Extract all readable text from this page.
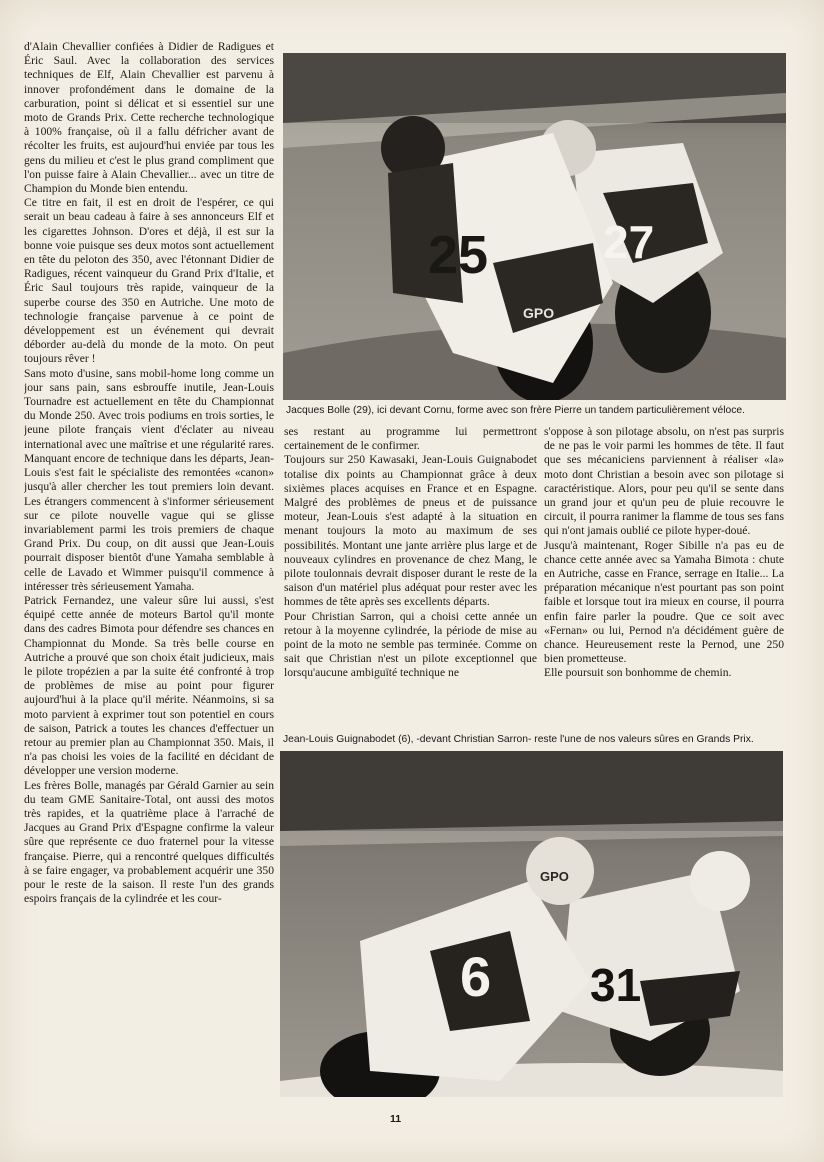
d'Alain Chevallier confiées à Didier de Radigues et Éric Saul. Avec la collaboration des services techniques de Elf, Alain Chevallier est parvenu à innover profondément dans le domaine de la carburation, point si délicat et si essentiel sur une moto de Grands Prix. Cette recherche technologique à 100% française, où il a fallu défricher avant de récolter les fruits, est aujourd'hui enviée par tous les gens du milieu et c'est le plus grand compliment que l'on puisse faire à Alain Chevallier... avec un titre de Champion du Monde bien entendu.

Ce titre en fait, il est en droit de l'espérer, ce qui serait un beau cadeau à faire à ses annonceurs Elf et les cigarettes Johnson. D'ores et déjà, il est sur la bonne voie puisque ses deux motos sont actuellement en tête du peloton des 350, avec l'étonnant Didier de Radigues, récent vainqueur du Grand Prix d'Italie, et Éric Saul toujours très rapide, vainqueur de la superbe course des 350 en Autriche. Une moto de technologie française parvenue à ce point de développement est un événement qui devrait déborder au-delà du monde de la moto. On peut toujours rêver !

Sans moto d'usine, sans mobil-home long comme un jour sans pain, sans esbrouffe inutile, Jean-Louis Tournadre est actuellement en tête du Championnat du Monde 250. Avec trois podiums en trois sorties, le jeune pilote français vient d'éclater au niveau international avec une maîtrise et une régularité rares. Manquant encore de technique dans les départs, Jean-Louis s'est fait le spécialiste des remontées «canon» jusqu'à aller chercher les tout premiers loin devant. Les étrangers commencent à s'informer sérieusement sur ce pilote nouvelle vague qui se glisse invariablement parmi les trois premiers de chaque Grand Prix. Du coup, on dit aussi que Jean-Louis pourrait disposer bientôt d'une Yamaha semblable à celle de Lavado et Wimmer puisqu'il commence à intéresser très sérieusement Yamaha.

Patrick Fernandez, une valeur sûre lui aussi, s'est équipé cette année de moteurs Bartol qu'il monte dans des cadres Bimota pour défendre ses chances en Championnat du Monde. Sa très belle course en Autriche a prouvé que son choix était judicieux, mais le pilote tropézien a par la suite été confronté à trop de problèmes de mise au point pour figurer aujourd'hui à la place qu'il mérite. Néanmoins, si sa moto parvient à exprimer tout son potentiel en cours de saison, Patrick a toutes les chances d'effectuer un retour au premier plan au Championnat 350. Mais, il n'a pas choisi les voies de la facilité en décidant de développer une version moderne.

Les frères Bolle, managés par Gérald Garnier au sein du team GME Sanitaire-Total, ont aussi des motos très rapides, et la quatrième place à l'arraché de Jacques au Grand Prix d'Espagne confirme la valeur sûre que représente ce duo fraternel pour la vitesse française. Pierre, qui a rencontré quelques difficultés à se faire engager, va probablement acquérir une 350 pour le reste de la saison. Il reste l'un des grands espoirs français de la cylindrée et les cour-

27
25
GPO
Jacques Bolle (29), ici devant Cornu, forme avec son frère Pierre un tandem particulièrement véloce.

ses restant au programme lui permettront certainement de le confirmer.

Toujours sur 250 Kawasaki, Jean-Louis Guignabodet totalise dix points au Championnat grâce à deux sixièmes places acquises en France et en Espagne. Malgré des problèmes de pneus et de puissance moteur, Jean-Louis s'est adapté à la situation en menant toujours la moto au maximum de ses possibilités. Montant une jante arrière plus large et de nouveaux cylindres en provenance de chez Mang, le pilote toulonnais devrait disposer durant le reste de la saison d'un matériel plus adéquat pour rester avec les hommes de tête après ses excellents départs.

Pour Christian Sarron, qui a choisi cette année un retour à la moyenne cylindrée, la période de mise au point de la moto ne semble pas terminée. Comme on sait que Christian n'est un pilote exceptionnel que lorsqu'aucune ambiguïté technique ne

s'oppose à son pilotage absolu, on n'est pas surpris de ne pas le voir parmi les hommes de tête. Il faut que ses mécaniciens parviennent à réaliser «la» moto dont Christian a besoin avec son pilotage si caractéristique. Alors, pour peu qu'il se sente dans un grand jour et qu'un peu de pluie recouvre le circuit, il pourra ranimer la flamme de tous ses fans qui n'ont jamais oublié ce pilote hyper-doué.

Jusqu'à maintenant, Roger Sibille n'a pas eu de chance cette année avec sa Yamaha Bimota : chute en Autriche, casse en France, serrage en Italie... La préparation mécanique n'est pourtant pas son point faible et lorsque tout ira mieux en course, il pourra enfin faire parler la poudre. Que ce soit avec «Fernan» ou lui, Pernod n'a décidément guère de chance. Heureusement reste la Pernod, une 250 bien prometteuse.

Elle poursuit son bonhomme de chemin.

Jean-Louis Guignabodet (6), -devant Christian Sarron- reste l'une de nos valeurs sûres en Grands Prix.
31
6
GPO
11
